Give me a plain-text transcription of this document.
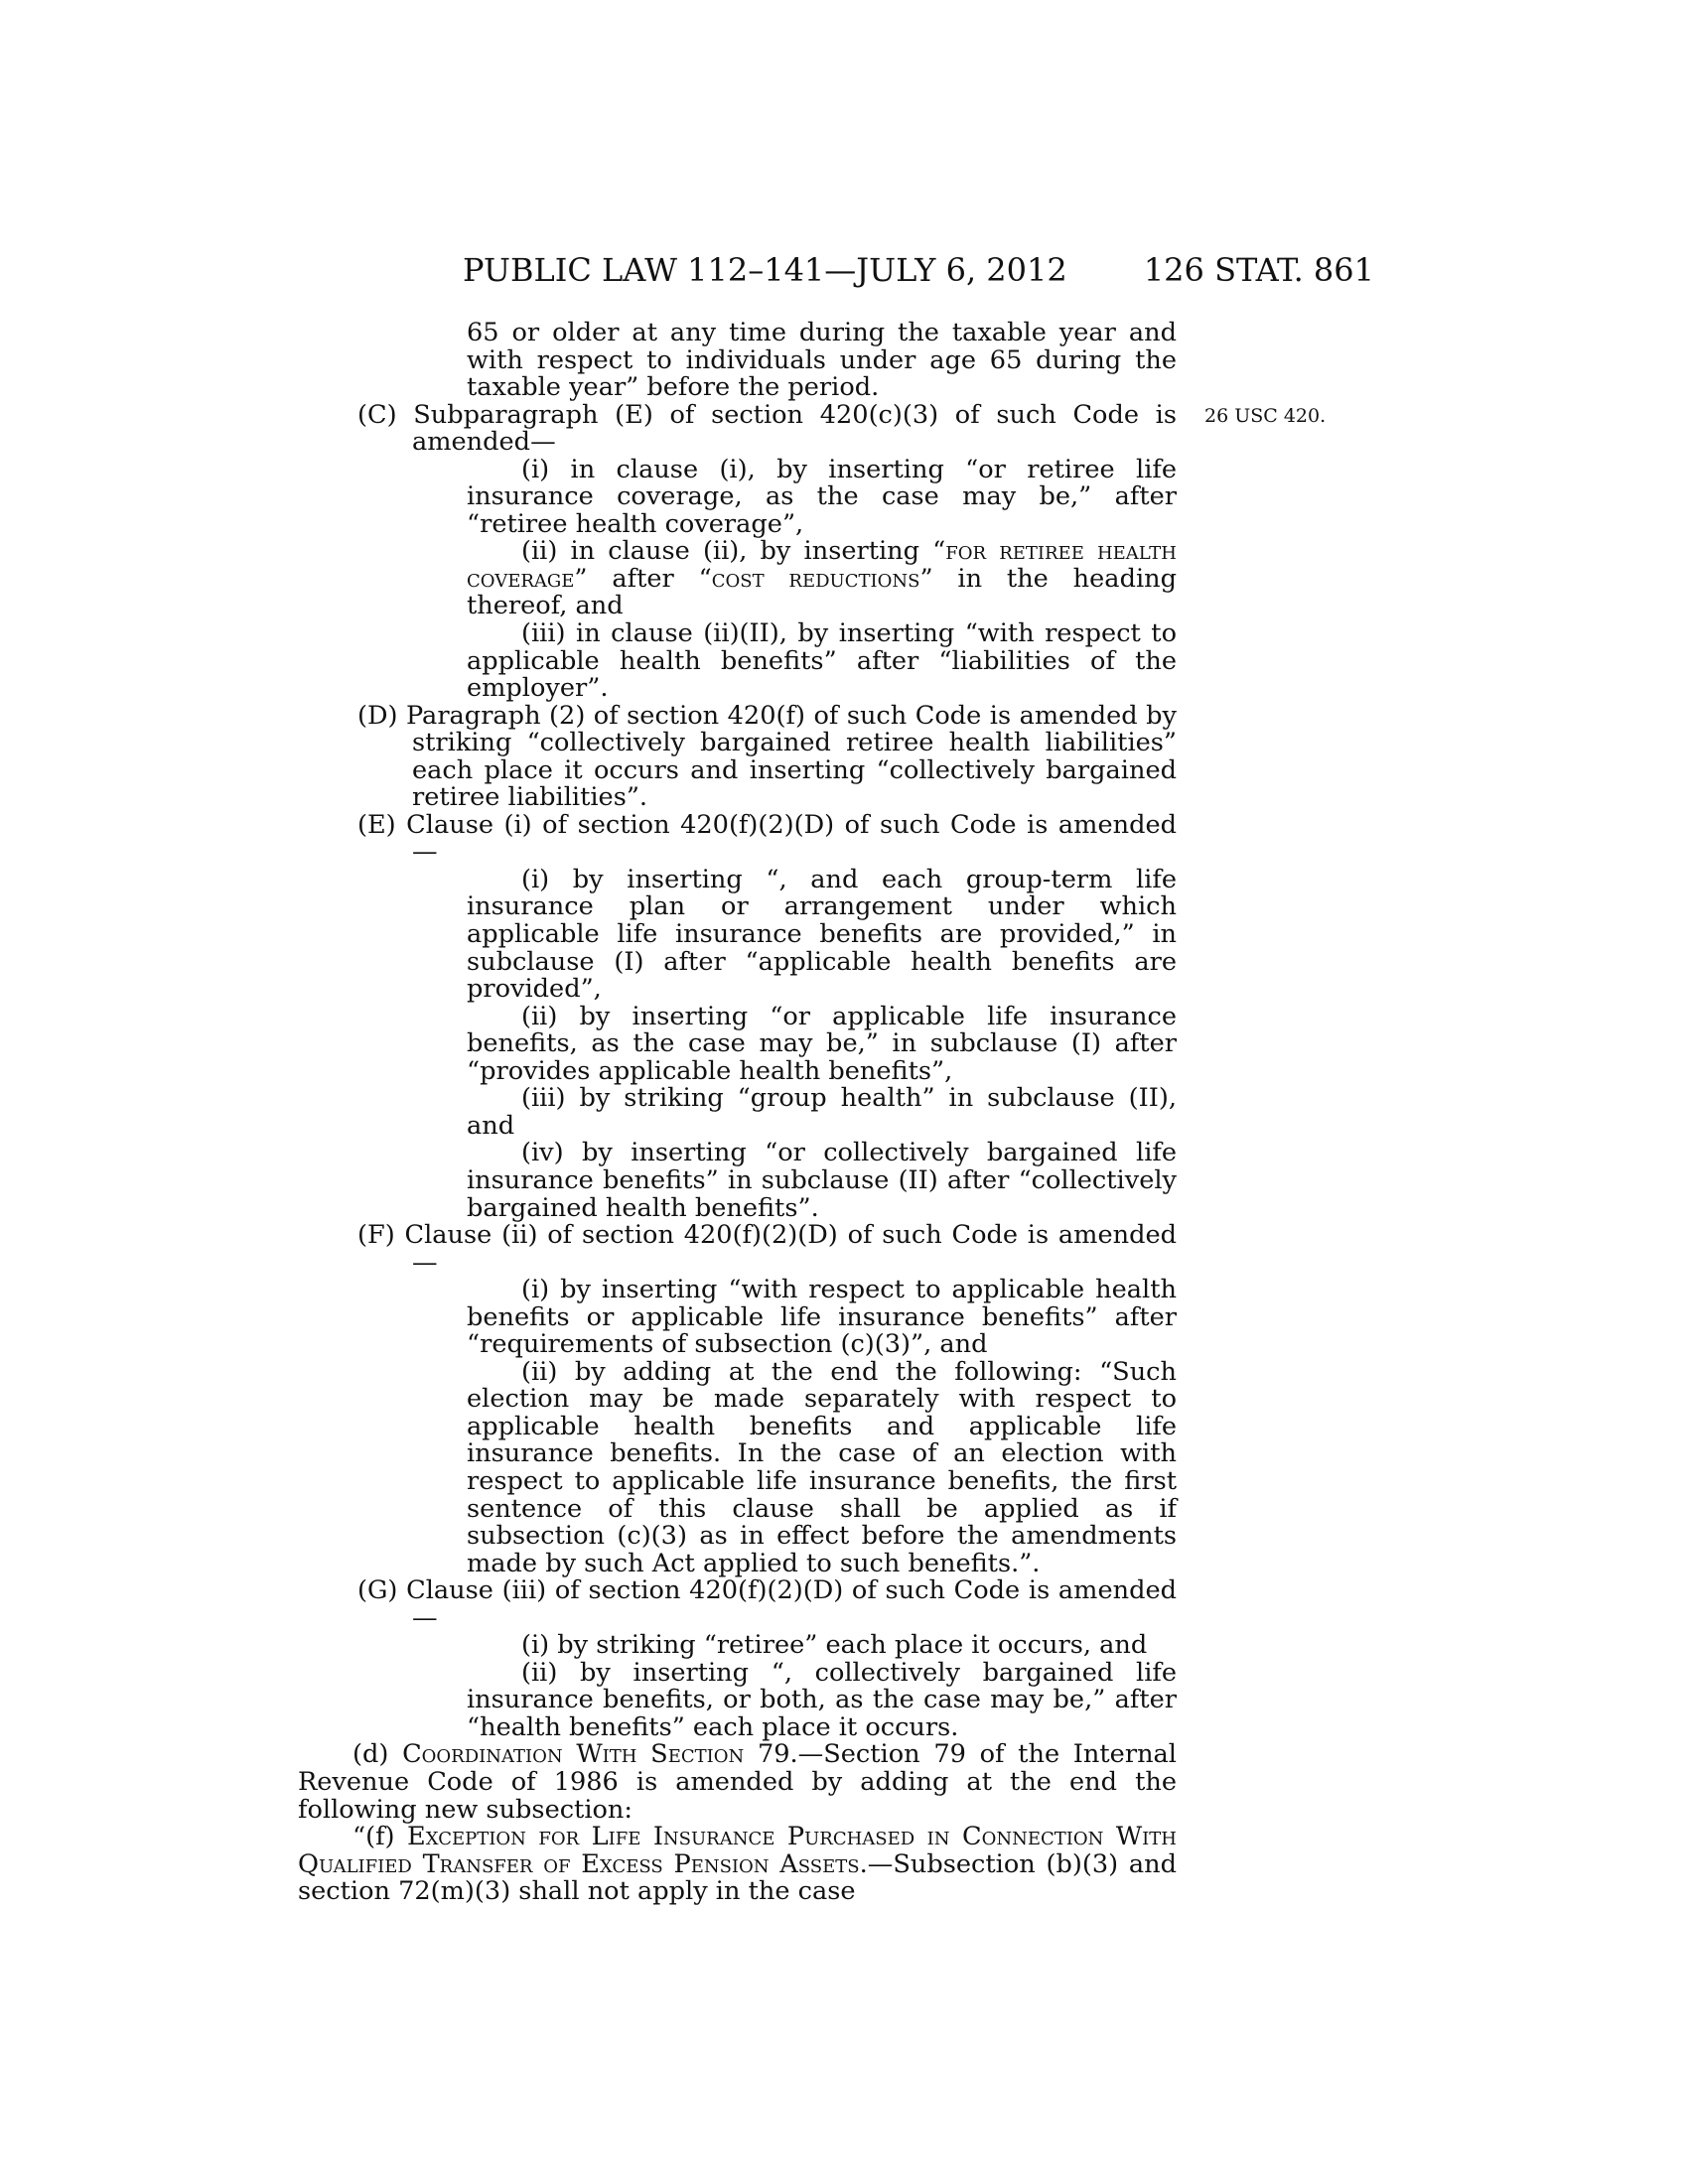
PUBLIC LAW 112–141—JULY 6, 2012 126 STAT. 861
26 USC 420.

65 or older at any time during the taxable year and with respect to individuals under age 65 during the taxable year” before the period.

(C) Subparagraph (E) of section 420(c)(3) of such Code is amended—

(i) in clause (i), by inserting “or retiree life insurance coverage, as the case may be,” after “retiree health coverage”,

(ii) in clause (ii), by inserting “for retiree health coverage” after “cost reductions” in the heading thereof, and

(iii) in clause (ii)(II), by inserting “with respect to applicable health benefits” after “liabilities of the employer”.

(D) Paragraph (2) of section 420(f) of such Code is amended by striking “collectively bargained retiree health liabilities” each place it occurs and inserting “collectively bargained retiree liabilities”.

(E) Clause (i) of section 420(f)(2)(D) of such Code is amended—

(i) by inserting “, and each group-term life insurance plan or arrangement under which applicable life insurance benefits are provided,” in subclause (I) after “applicable health benefits are provided”,

(ii) by inserting “or applicable life insurance benefits, as the case may be,” in subclause (I) after “provides applicable health benefits”,

(iii) by striking “group health” in subclause (II), and

(iv) by inserting “or collectively bargained life insurance benefits” in subclause (II) after “collectively bargained health benefits”.

(F) Clause (ii) of section 420(f)(2)(D) of such Code is amended—

(i) by inserting “with respect to applicable health benefits or applicable life insurance benefits” after “requirements of subsection (c)(3)”, and

(ii) by adding at the end the following: “Such election may be made separately with respect to applicable health benefits and applicable life insurance benefits. In the case of an election with respect to applicable life insurance benefits, the first sentence of this clause shall be applied as if subsection (c)(3) as in effect before the amendments made by such Act applied to such benefits.”.

(G) Clause (iii) of section 420(f)(2)(D) of such Code is amended—

(i) by striking “retiree” each place it occurs, and

(ii) by inserting “, collectively bargained life insurance benefits, or both, as the case may be,” after “health benefits” each place it occurs.

(d) Coordination With Section 79.—Section 79 of the Internal Revenue Code of 1986 is amended by adding at the end the following new subsection:

“(f) Exception for Life Insurance Purchased in Connection With Qualified Transfer of Excess Pension Assets.—Subsection (b)(3) and section 72(m)(3) shall not apply in the case
